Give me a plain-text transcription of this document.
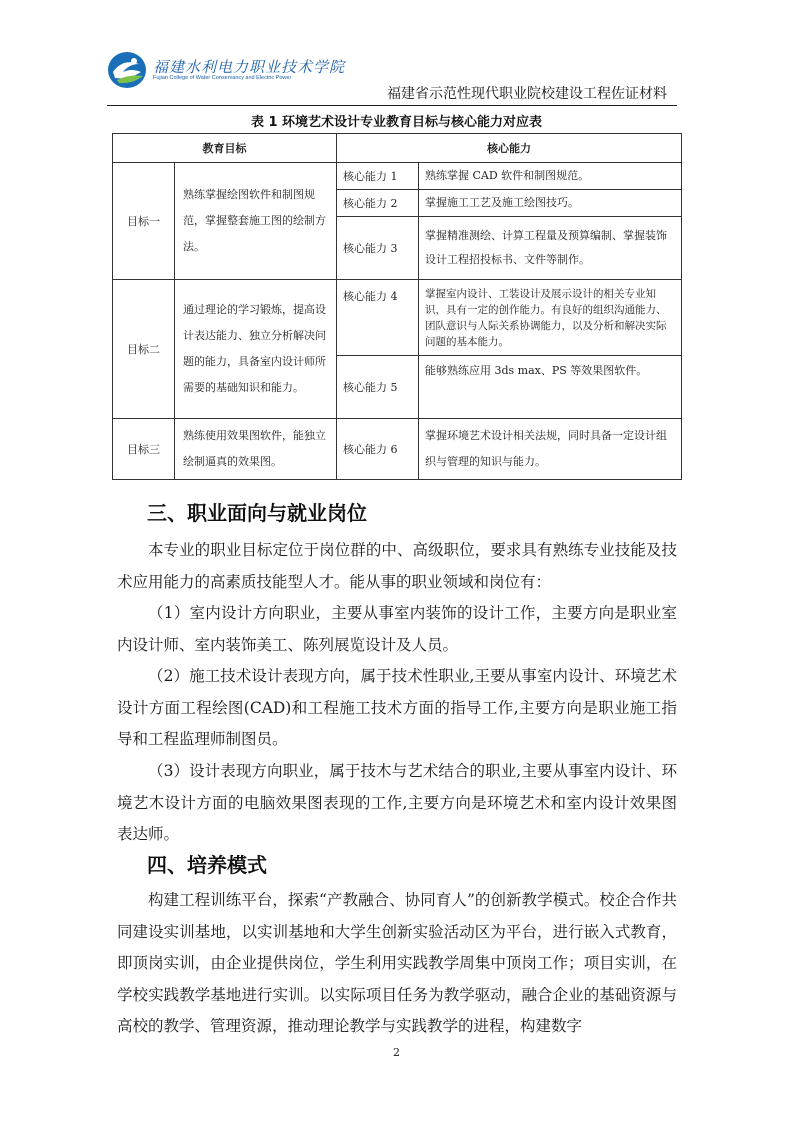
福建水利电力职业技术学院
Fujian College of Water Conservancy and Electric Power
福建省示范性现代职业院校建设工程佐证材料
表 1 环境艺术设计专业教育目标与核心能力对应表
教育目标		核心能力	
目标一	熟练掌握绘图软件和制图规范，掌握整套施工图的绘制方法。	核心能力 1	熟练掌握 CAD 软件和制图规范。
		核心能力 2	掌握施工工艺及施工绘图技巧。
		核心能力 3	掌握精准测绘、计算工程量及预算编制、掌握装饰设计工程招投标书、文件等制作。
目标二	通过理论的学习锻炼，提高设计表达能力、独立分析解决问题的能力，具备室内设计师所需要的基础知识和能力。	核心能力 4	掌握室内设计、工装设计及展示设计的相关专业知识，具有一定的创作能力。有良好的组织沟通能力、团队意识与人际关系协调能力，以及分析和解决实际问题的基本能力。
		核心能力 5	能够熟练应用 3ds max、PS 等效果图软件。
目标三	熟练使用效果图软件，能独立绘制逼真的效果图。	核心能力 6	掌握环境艺术设计相关法规，同时具备一定设计组织与管理的知识与能力。
三、职业面向与就业岗位

本专业的职业目标定位于岗位群的中、高级职位，要求具有熟练专业技能及技术应用能力的高素质技能型人才。能从事的职业领域和岗位有：

（1）室内设计方向职业，主要从事室内装饰的设计工作，主要方向是职业室内设计师、室内装饰美工、陈列展览设计及人员。

（2）施工技术设计表现方向，属于技术性职业,王要从事室内设计、环境艺术设计方面工程绘图(CAD)和工程施工技术方面的指导工作,主要方向是职业施工指导和工程监理师制图员。

（3）设计表现方向职业，属于技木与艺术结合的职业,主要从事室内设计、环境艺木设计方面的电脑效果图表现的工作,主要方向是环境艺术和室内设计效果图表达师。

四、培养模式

构建工程训练平台，探索“产教融合、协同育人”的创新教学模式。校企合作共同建设实训基地，以实训基地和大学生创新实验活动区为平台，进行嵌入式教育，即顶岗实训，由企业提供岗位，学生利用实践教学周集中顶岗工作；项目实训，在学校实践教学基地进行实训。以实际项目任务为教学驱动，融合企业的基础资源与高校的教学、管理资源，推动理论教学与实践教学的进程，构建数字

2
